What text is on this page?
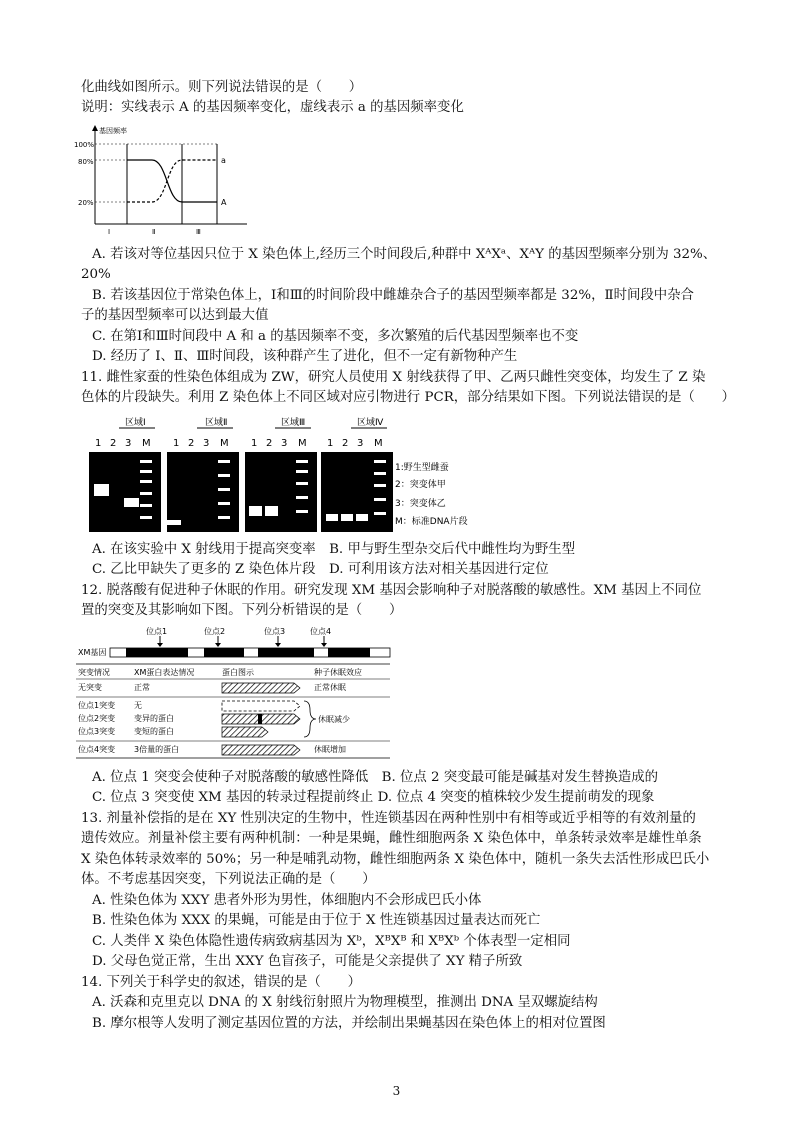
化曲线如图所示。则下列说法错误的是（　　）
说明：实线表示 A 的基因频率变化，虚线表示 a 的基因频率变化
基因频率
100%
80%
20%
a
A
Ⅰ	Ⅱ	Ⅲ
A. 若该对等位基因只位于 X 染色体上,经历三个时间段后,种群中 XᴬXᵃ、XᴬY 的基因型频率分别为 32%、
20%
B. 若该基因位于常染色体上，Ⅰ和Ⅲ的时间阶段中雌雄杂合子的基因型频率都是 32%，Ⅱ时间段中杂合
子的基因型频率可以达到最大值
C. 在第Ⅰ和Ⅲ时间段中 A 和 a 的基因频率不变，多次繁殖的后代基因型频率也不变
D. 经历了 Ⅰ、Ⅱ、Ⅲ时间段，该种群产生了进化，但不一定有新物种产生
11. 雌性家蚕的性染色体组成为 ZW，研究人员使用 X 射线获得了甲、乙两只雌性突变体，均发生了 Z 染
色体的片段缺失。利用 Z 染色体上不同区域对应引物进行 PCR，部分结果如下图。下列说法错误的是（　　）
区域Ⅰ	区域Ⅱ	区域Ⅲ	区域Ⅳ
1 2 3 M 1 2 3 M 1 2 3 M 1 2 3 M
1:野生型雌蚕
2：突变体甲
3：突变体乙
M：标准DNA片段
A. 在该实验中 X 射线用于提高突变率　B. 甲与野生型杂交后代中雌性均为野生型
C. 乙比甲缺失了更多的 Z 染色体片段　D. 可利用该方法对相关基因进行定位
12. 脱落酸有促进种子休眠的作用。研究发现 XM 基因会影响种子对脱落酸的敏感性。XM 基因上不同位
置的突变及其影响如下图。下列分析错误的是（　　）
位点1	位点2	位点3	位点4
XM基因
突变情况	XM蛋白表达情况	蛋白图示	种子休眠效应
无突变	正常	正常休眠
位点1突变 无
位点2突变 变异的蛋白
位点3突变 变短的蛋白
休眠减少
位点4突变 3倍量的蛋白	休眠增加
A. 位点 1 突变会使种子对脱落酸的敏感性降低　B. 位点 2 突变最可能是碱基对发生替换造成的
C. 位点 3 突变使 XM 基因的转录过程提前终止 D. 位点 4 突变的植株较少发生提前萌发的现象
13. 剂量补偿指的是在 XY 性别决定的生物中，性连锁基因在两种性别中有相等或近乎相等的有效剂量的
遗传效应。剂量补偿主要有两种机制：一种是果蝇，雌性细胞两条 X 染色体中，单条转录效率是雄性单条
X 染色体转录效率的 50%；另一种是哺乳动物，雌性细胞两条 X 染色体中，随机一条失去活性形成巴氏小
体。不考虑基因突变，下列说法正确的是（　　）
A. 性染色体为 XXY 患者外形为男性，体细胞内不会形成巴氏小体
B. 性染色体为 XXX 的果蝇，可能是由于位于 X 性连锁基因过量表达而死亡
C. 人类伴 X 染色体隐性遗传病致病基因为 Xᵇ，XᴮXᴮ 和 XᴮXᵇ 个体表型一定相同
D. 父母色觉正常，生出 XXY 色盲孩子，可能是父亲提供了 XY 精子所致
14. 下列关于科学史的叙述，错误的是（　　）
A. 沃森和克里克以 DNA 的 X 射线衍射照片为物理模型，推测出 DNA 呈双螺旋结构
B. 摩尔根等人发明了测定基因位置的方法，并绘制出果蝇基因在染色体上的相对位置图
3
